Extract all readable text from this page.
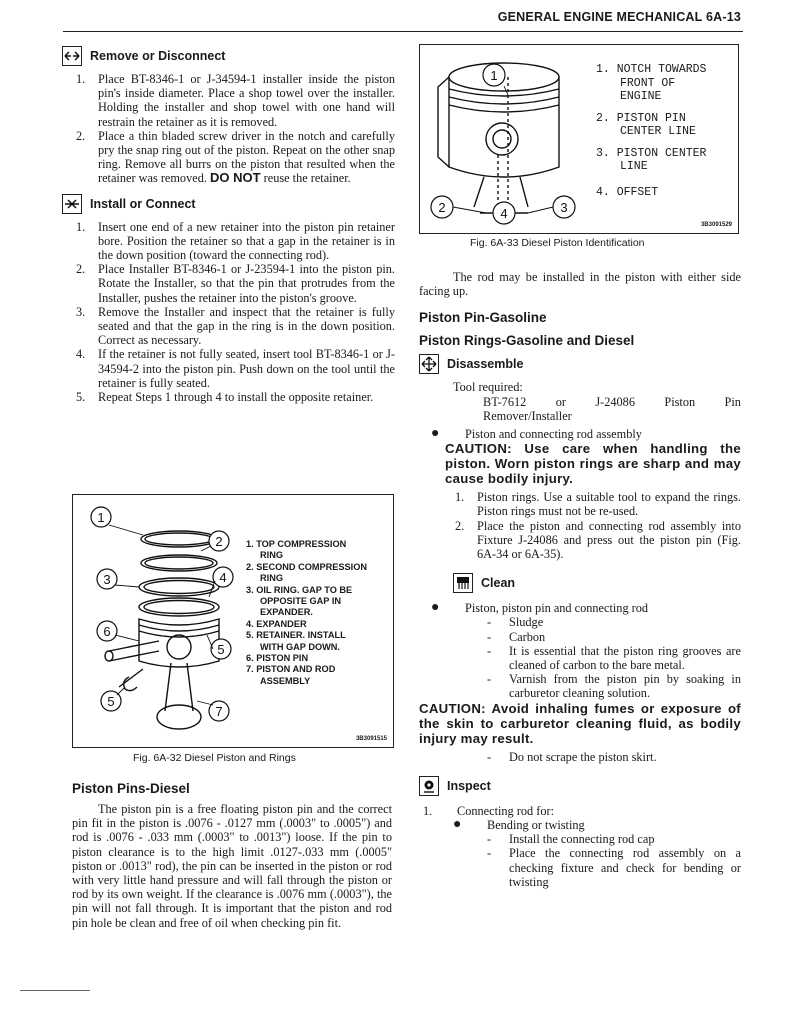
GENERAL ENGINE MECHANICAL 6A-13
Remove or Disconnect
1.	Place BT-8346-1 or J-34594-1 installer inside the piston pin's inside diameter. Place a shop towel over the installer. Holding the installer and shop towel with one hand will restrain the retainer as it is removed.
2.	Place a thin bladed screw driver in the notch and carefully pry the snap ring out of the piston. Repeat on the other snap ring. Remove all burrs on the piston that resulted when the retainer was removed. DO NOT reuse the retainer.
Install or Connect
1.	Insert one end of a new retainer into the piston pin retainer bore. Position the retainer so that a gap in the retainer is in the down position (toward the connecting rod).
2.	Place Installer BT-8346-1 or J-23594-1 into the piston pin. Rotate the Installer, so that the pin that protrudes from the Installer, pushes the retainer into the piston's groove.
3.	Remove the Installer and inspect that the retainer is fully seated and that the gap in the ring is in the down position. Correct as necessary.
4.	If the retainer is not fully seated, insert tool BT-8346-1 or J-34594-2 into the piston pin. Push down on the tool until the retainer is fully seated.
5.	Repeat Steps 1 through 4 to install the opposite retainer.
1
2
3	4
6
5
5
7
1. TOP COMPRESSION
RING
2. SECOND COMPRESSION
RING
3. OIL RING. GAP TO BE
OPPOSITE GAP IN
EXPANDER.
4. EXPANDER
5. RETAINER. INSTALL
WITH GAP DOWN.
6. PISTON PIN
7. PISTON AND ROD
ASSEMBLY
3B3091515
Fig. 6A-32 Diesel Piston and Rings
Piston Pins-Diesel
The piston pin is a free floating piston pin and the correct pin fit in the piston is .0076 - .0127 mm (.0003" to .0005") and rod is .0076 - .033 mm (.0003" to .0013") loose. If the pin to piston clearance is to the high limit .0127-.033 mm (.0005" piston or .0013" rod), the pin can be inserted in the piston or rod with very little hand pressure and will fall through the piston or rod by its own weight. If the clearance is .0076 mm (.0003"), the pin will not fall through. It is important that the piston and rod pin hole be clean and free of oil when checking pin fit.
1
2	4	3
1. NOTCH TOWARDS
FRONT OF
ENGINE
2. PISTON PIN
CENTER LINE
3. PISTON CENTER
LINE
4. OFFSET
3B3091529
Fig. 6A-33 Diesel Piston Identification
The rod may be installed in the piston with either side facing up.
Piston Pin-Gasoline
Piston Rings-Gasoline and Diesel
Disassemble
Tool required:
BT-7612 or J-24086 Piston Pin
Remover/Installer
●	Piston and connecting rod assembly
CAUTION: Use care when handling the piston. Worn piston rings are sharp and may cause bodily injury.
1.	Piston rings. Use a suitable tool to expand the rings. Piston rings must not be re-used.
2.	Place the piston and connecting rod assembly into Fixture J-24086 and press out the piston pin (Fig. 6A-34 or 6A-35).
Clean
●	Piston, piston pin and connecting rod
-	Sludge
-	Carbon
-	It is essential that the piston ring grooves are cleaned of carbon to the bare metal.
-	Varnish from the piston pin by soaking in carburetor cleaning solution.
CAUTION: Avoid inhaling fumes or exposure of the skin to carburetor cleaning fluid, as bodily injury may result.
-	Do not scrape the piston skirt.
Inspect
1.	Connecting rod for:
●	Bending or twisting
-	Install the connecting rod cap
-	Place the connecting rod assembly on a checking fixture and check for bending or twisting
